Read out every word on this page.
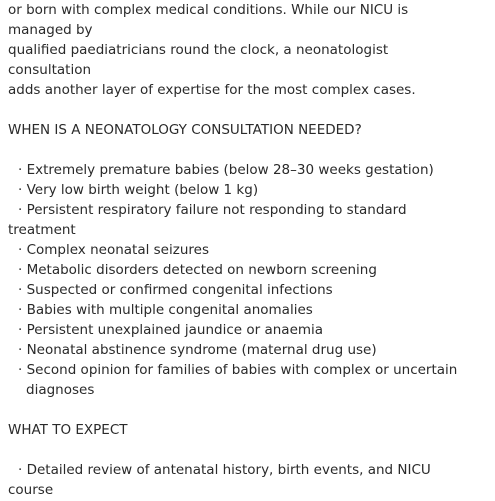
or born with complex medical conditions. While our NICU is
managed by
qualified paediatricians round the clock, a neonatologist
consultation
adds another layer of expertise for the most complex cases.
WHEN IS A NEONATOLOGY CONSULTATION NEEDED?
· Extremely premature babies (below 28–30 weeks gestation)
· Very low birth weight (below 1 kg)
· Persistent respiratory failure not responding to standard
treatment
· Complex neonatal seizures
· Metabolic disorders detected on newborn screening
· Suspected or confirmed congenital infections
· Babies with multiple congenital anomalies
· Persistent unexplained jaundice or anaemia
· Neonatal abstinence syndrome (maternal drug use)
· Second opinion for families of babies with complex or uncertain
diagnoses
WHAT TO EXPECT
· Detailed review of antenatal history, birth events, and NICU
course
